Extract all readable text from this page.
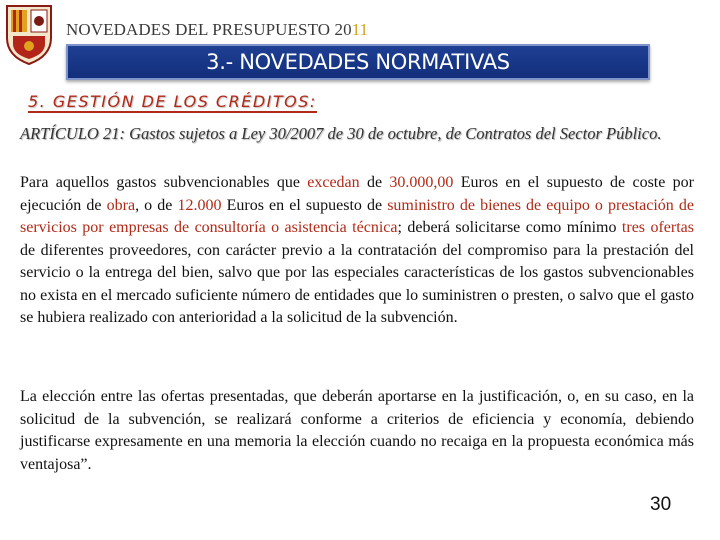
NOVEDADES DEL PRESUPUESTO 2011
3.- NOVEDADES NORMATIVAS
5. GESTIÓN DE LOS CRÉDITOS:
ARTÍCULO 21: Gastos sujetos a Ley 30/2007 de 30 de octubre, de Contratos del Sector Público.
Para aquellos gastos subvencionables que excedan de 30.000,00 Euros en el supuesto de coste por ejecución de obra, o de 12.000 Euros en el supuesto de suministro de bienes de equipo o prestación de servicios por empresas de consultoría o asistencia técnica; deberá solicitarse como mínimo tres ofertas de diferentes proveedores, con carácter previo a la contratación del compromiso para la prestación del servicio o la entrega del bien, salvo que por las especiales características de los gastos subvencionables no exista en el mercado suficiente número de entidades que lo suministren o presten, o salvo que el gasto se hubiera realizado con anterioridad a la solicitud de la subvención.
La elección entre las ofertas presentadas, que deberán aportarse en la justificación, o, en su caso, en la solicitud de la subvención, se realizará conforme a criterios de eficiencia y economía, debiendo justificarse expresamente en una memoria la elección cuando no recaiga en la propuesta económica más ventajosa”.
30
